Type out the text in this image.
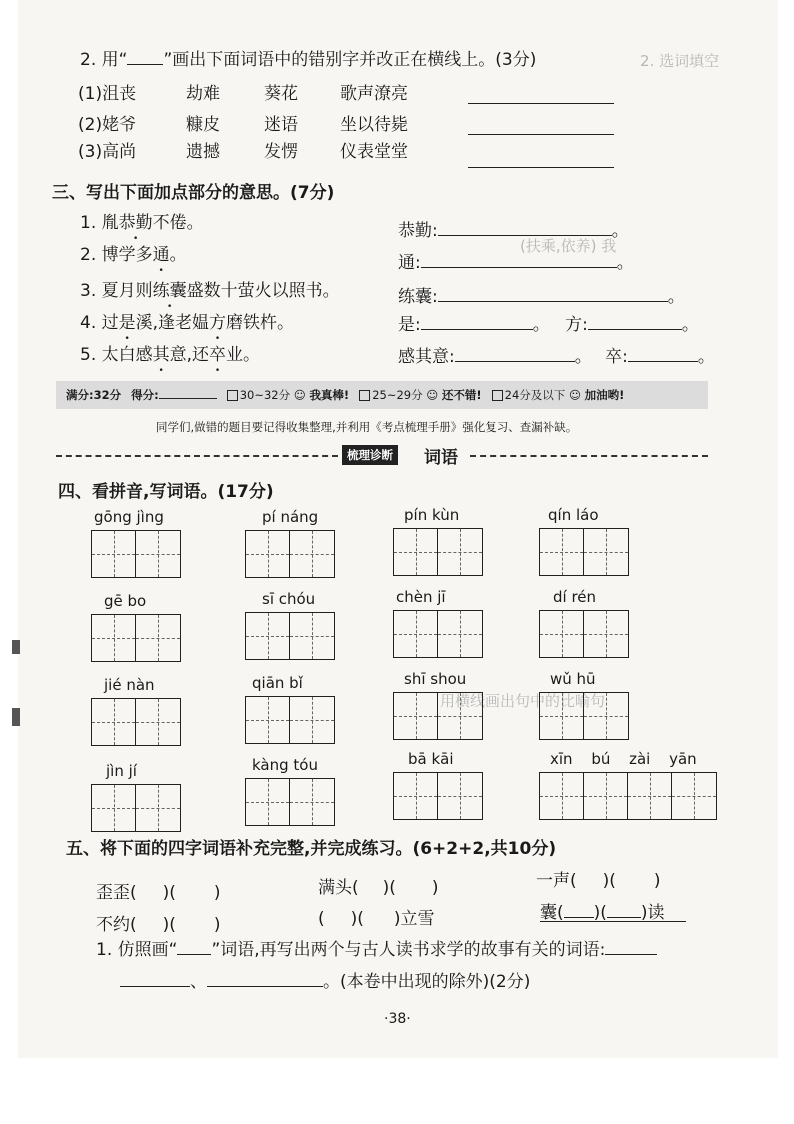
2. 选词填空
(扶乘,依养) 我
用横线画出句中的比喻句
2. 用“ ”画出下面词语中的错别字并改正在横线上。(3分)
(1)沮丧	劫难	葵花 歌声潦亮
(2)姥爷	糠皮	迷语 坐以待毙
(3)高尚	遗撼	发愣 仪表堂堂
三、写出下面加点部分的意思。(7分)
1. 胤恭勤不倦。
2. 博学多通。
3. 夏月则练囊盛数十萤火以照书。
4. 过是溪,逢老媪方磨铁杵。
5. 太白感其意,还卒业。
恭勤:	。
通:	。
练囊:	。
是:	。 方:	。
感其意:	。 卒:	。
满分:32分 得分:	30~32分 ☺ 我真棒!	25~29分 ☺ 还不错!	24分及以下 ☺ 加油哟!
同学们,做错的题目要记得收集整理,并利用《考点梳理手册》强化复习、查漏补缺。
梳理诊断 词语
四、看拼音,写词语。(17分)
gōng jìng	pí náng	pín kùn	qín láo
gē bo	sī chóu	chèn jī	dí rén
jié nàn	qiān bǐ	shī shou	wǔ hū
jìn jí	kàng tóu	bā kāi	xīn bú zài yān
五、将下面的四字词语补充完整,并完成练习。(6+2+2,共10分)
歪歪( )( )	满头( )( )	一声( )( )
不约( )( )	( )( )立雪	囊( )( )读
1. 仿照画“ ”词语,再写出两个与古人读书求学的故事有关的词语:
、	。(本卷中出现的除外)(2分)
·38·
